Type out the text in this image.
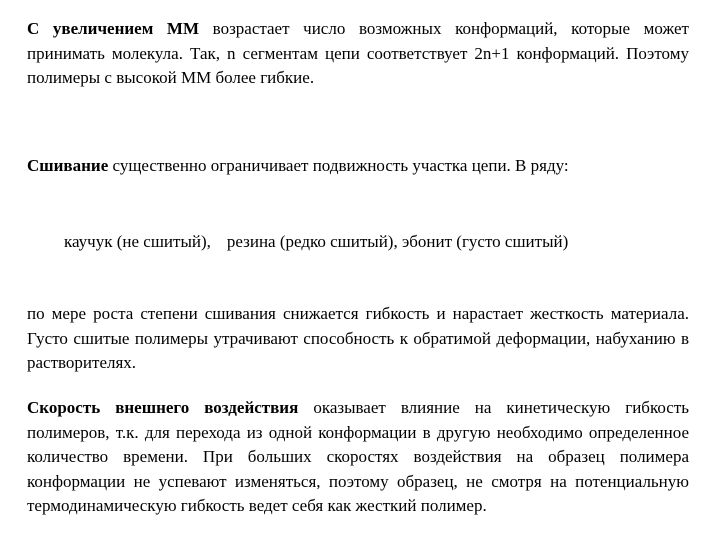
С увеличением ММ возрастает число возможных конформаций, которые может принимать молекула. Так, n сегментам цепи соответствует 2n+1 конформаций. Поэтому полимеры с высокой ММ более гибкие.

Сшивание существенно ограничивает подвижность участка цепи. В ряду:

каучук (не сшитый), резина (редко сшитый), эбонит (густо сшитый)

по мере роста степени сшивания снижается гибкость и нарастает жесткость материала. Густо сшитые полимеры утрачивают способность к обратимой деформации, набуханию в растворителях.

Скорость внешнего воздействия оказывает влияние на кинетическую гибкость полимеров, т.к. для перехода из одной конформации в другую необходимо определенное количество времени. При больших скоростях воздействия на образец полимера конформации не успевают изменяться, поэтому образец, не смотря на потенциальную термодинамическую гибкость ведет себя как жесткий полимер.
